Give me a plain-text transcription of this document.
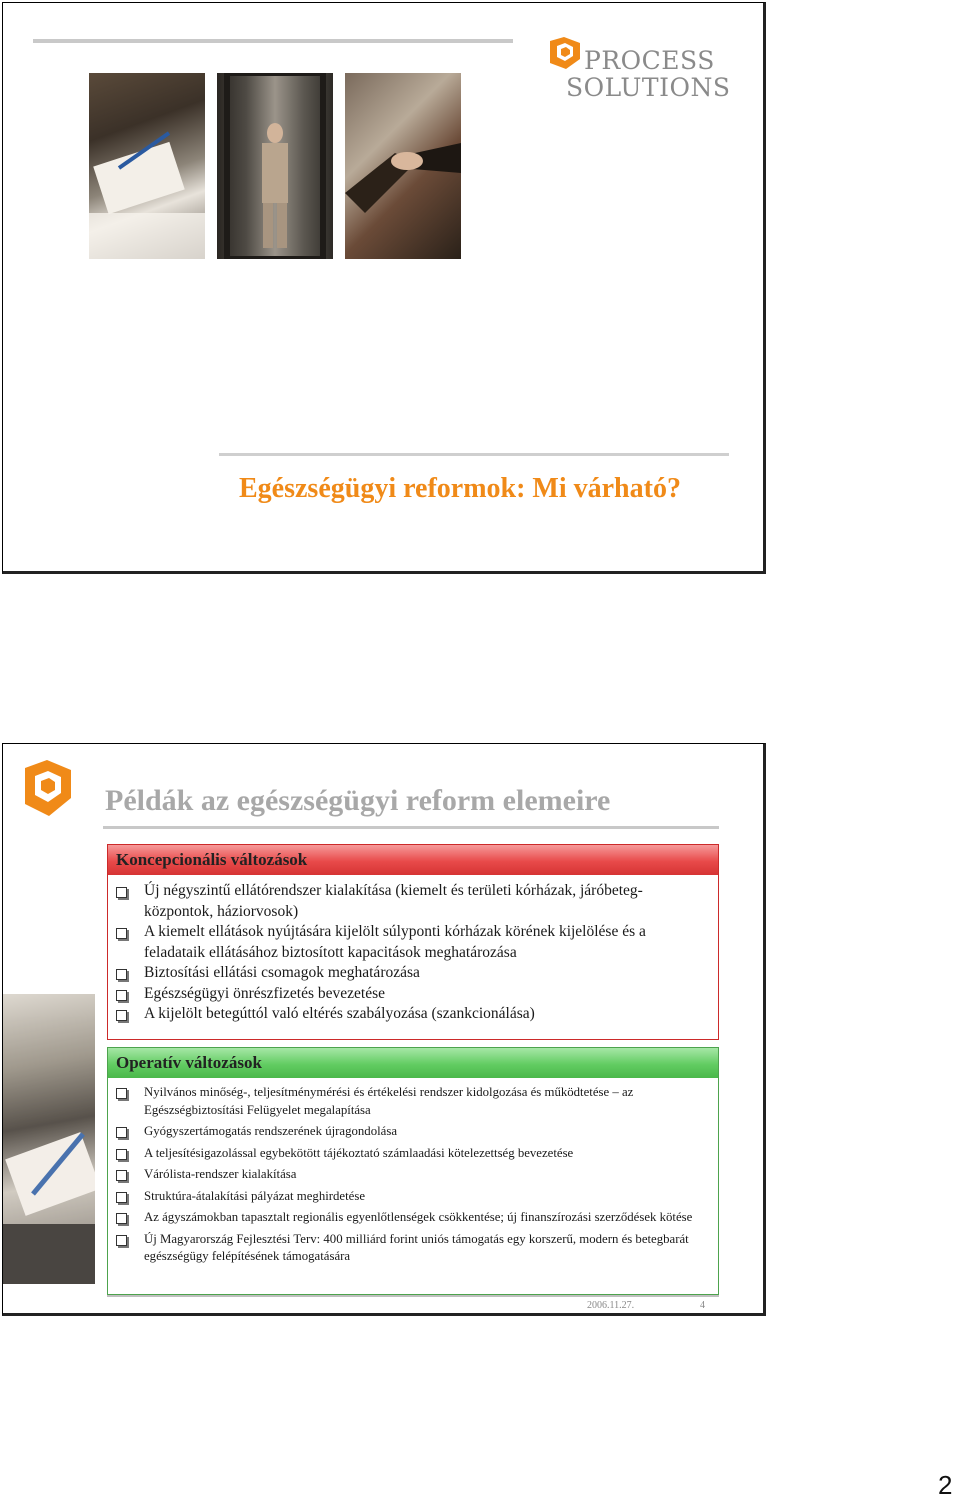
PROCESS
SOLUTIONS
Egészségügyi reformok: Mi várható?
Példák az egészségügyi reform elemeire
Koncepcionális változások
Új négyszintű ellátórendszer kialakítása (kiemelt és területi kórházak, járóbeteg-központok, háziorvosok)
A kiemelt ellátások nyújtására kijelölt súlyponti kórházak körének kijelölése és a feladataik ellátásához biztosított kapacitások meghatározása
Biztosítási ellátási csomagok meghatározása
Egészségügyi önrészfizetés bevezetése
A kijelölt betegúttól való eltérés szabályozása (szankcionálása)
Operatív változások
Nyilvános minőség-, teljesítménymérési és értékelési rendszer kidolgozása és működtetése – az Egészségbiztosítási Felügyelet megalapítása
Gyógyszertámogatás rendszerének újragondolása
A teljesítésigazolással egybekötött tájékoztató számlaadási kötelezettség bevezetése
Várólista-rendszer kialakítása
Struktúra-átalakítási pályázat meghirdetése
Az ágyszámokban tapasztalt regionális egyenlőtlenségek csökkentése; új finanszírozási szerződések kötése
Új Magyarország Fejlesztési Terv: 400 milliárd forint uniós támogatás egy korszerű, modern és betegbarát egészségügy felépítésének támogatására
© 2006 Process Solutions	2006.11.27.	4
2
